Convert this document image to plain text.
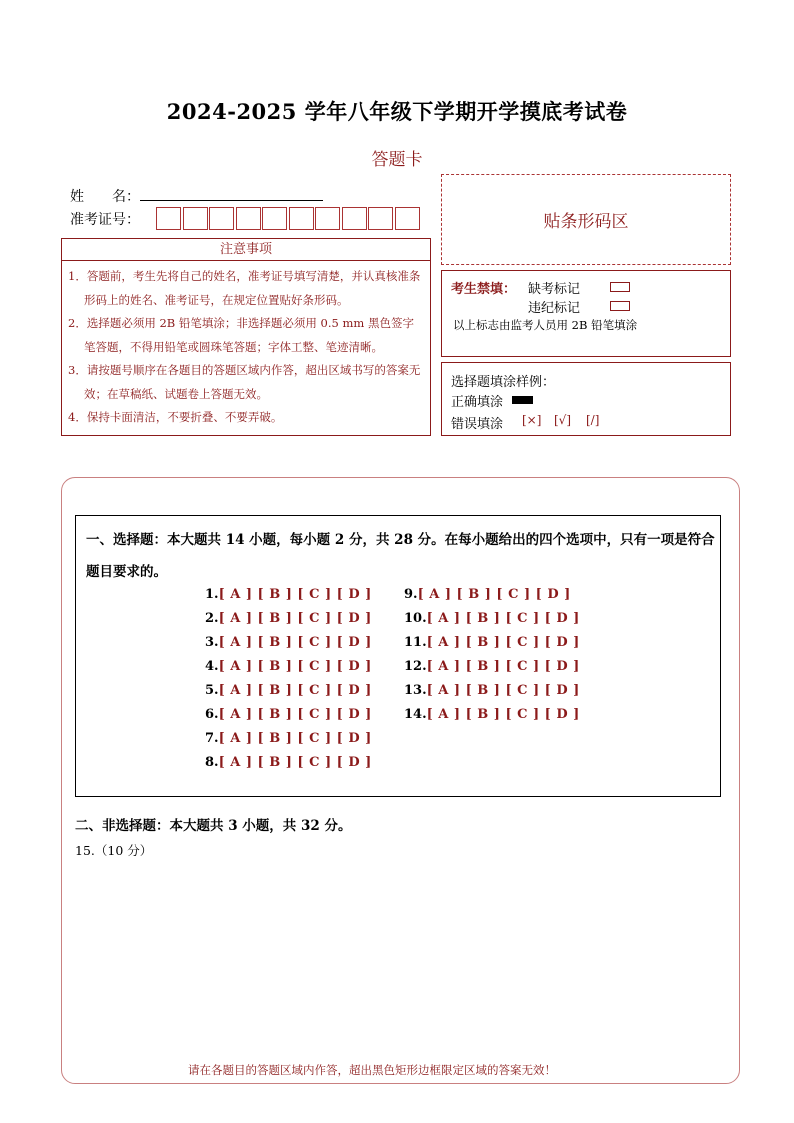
2024-2025 学年八年级下学期开学摸底考试卷
答题卡
姓　　名：
准考证号：	贴条形码区
注意事项
1．答题前，考生先将自己的姓名，准考证号填写清楚，并认真核准条形码上的姓名、准考证号，在规定位置贴好条形码。
2．选择题必须用 2B 铅笔填涂；非选择题必须用 0.5 mm 黑色签字笔答题，不得用铅笔或圆珠笔答题；字体工整、笔迹清晰。
3．请按题号顺序在各题目的答题区域内作答，超出区域书写的答案无效；在草稿纸、试题卷上答题无效。
4．保持卡面清洁，不要折叠、不要弄破。
考生禁填： 缺考标记
违纪标记
以上标志由监考人员用 2B 铅笔填涂
选择题填涂样例：
正确填涂
错误填涂 [×] [√] [/]
一、选择题：本大题共 14 小题，每小题 2 分，共 28 分。在每小题给出的四个选项中，只有一项是符合题目要求的。
二、非选择题：本大题共 3 小题，共 32 分。
15.（10 分）
请在各题目的答题区域内作答，超出黑色矩形边框限定区域的答案无效！
1.[ A ] [ B ] [ C ] [ D ]
2.[ A ] [ B ] [ C ] [ D ]
3.[ A ] [ B ] [ C ] [ D ]
4.[ A ] [ B ] [ C ] [ D ]
5.[ A ] [ B ] [ C ] [ D ]
6.[ A ] [ B ] [ C ] [ D ]
7.[ A ] [ B ] [ C ] [ D ]
8.[ A ] [ B ] [ C ] [ D ]
9.[ A ] [ B ] [ C ] [ D ]
10.[ A ] [ B ] [ C ] [ D ]
11.[ A ] [ B ] [ C ] [ D ]
12.[ A ] [ B ] [ C ] [ D ]
13.[ A ] [ B ] [ C ] [ D ]
14.[ A ] [ B ] [ C ] [ D ]
